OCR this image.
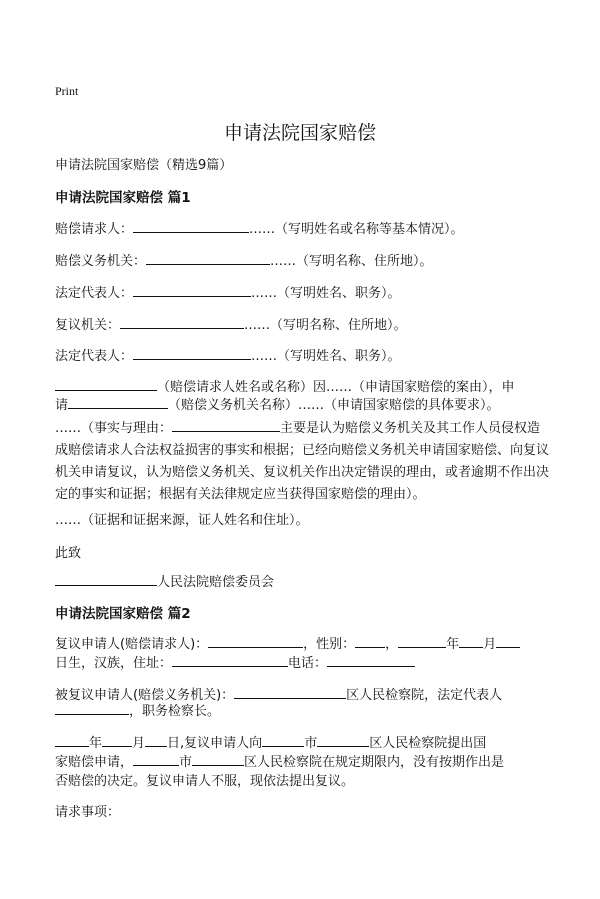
Print
申请法院国家赔偿
申请法院国家赔偿（精选9篇）
申请法院国家赔偿 篇1
赔偿请求人：	……（写明姓名或名称等基本情况）。
赔偿义务机关：	……（写明名称、住所地）。
法定代表人：	……（写明姓名、职务）。
复议机关：	……（写明名称、住所地）。
法定代表人：	……（写明姓名、职务）。
（赔偿请求人姓名或名称）因……（申请国家赔偿的案由），申
请	（赔偿义务机关名称）……（申请国家赔偿的具体要求）。
……（事实与理由：	主要是认为赔偿义务机关及其工作人员侵权造成赔偿请求人合法权益损害的事实和根据；已经向赔偿义务机关申请国家赔偿、向复议机关申请复议，认为赔偿义务机关、复议机关作出决定错误的理由，或者逾期不作出决定的事实和证据；根据有关法律规定应当获得国家赔偿的理由）。
……（证据和证据来源，证人姓名和住址）。
此致
人民法院赔偿委员会
申请法院国家赔偿 篇2
复议申请人(赔偿请求人)：	，性别： ，	年 月
日生，汉族，住址：	电话：
被复议申请人(赔偿义务机关)：	区人民检察院，法定代表人
，职务检察长。
年 月 日,复议申请人向	市	区人民检察院提出国
家赔偿申请，	市	区人民检察院在规定期限内，没有按期作出是
否赔偿的决定。复议申请人不服，现依法提出复议。
请求事项：
